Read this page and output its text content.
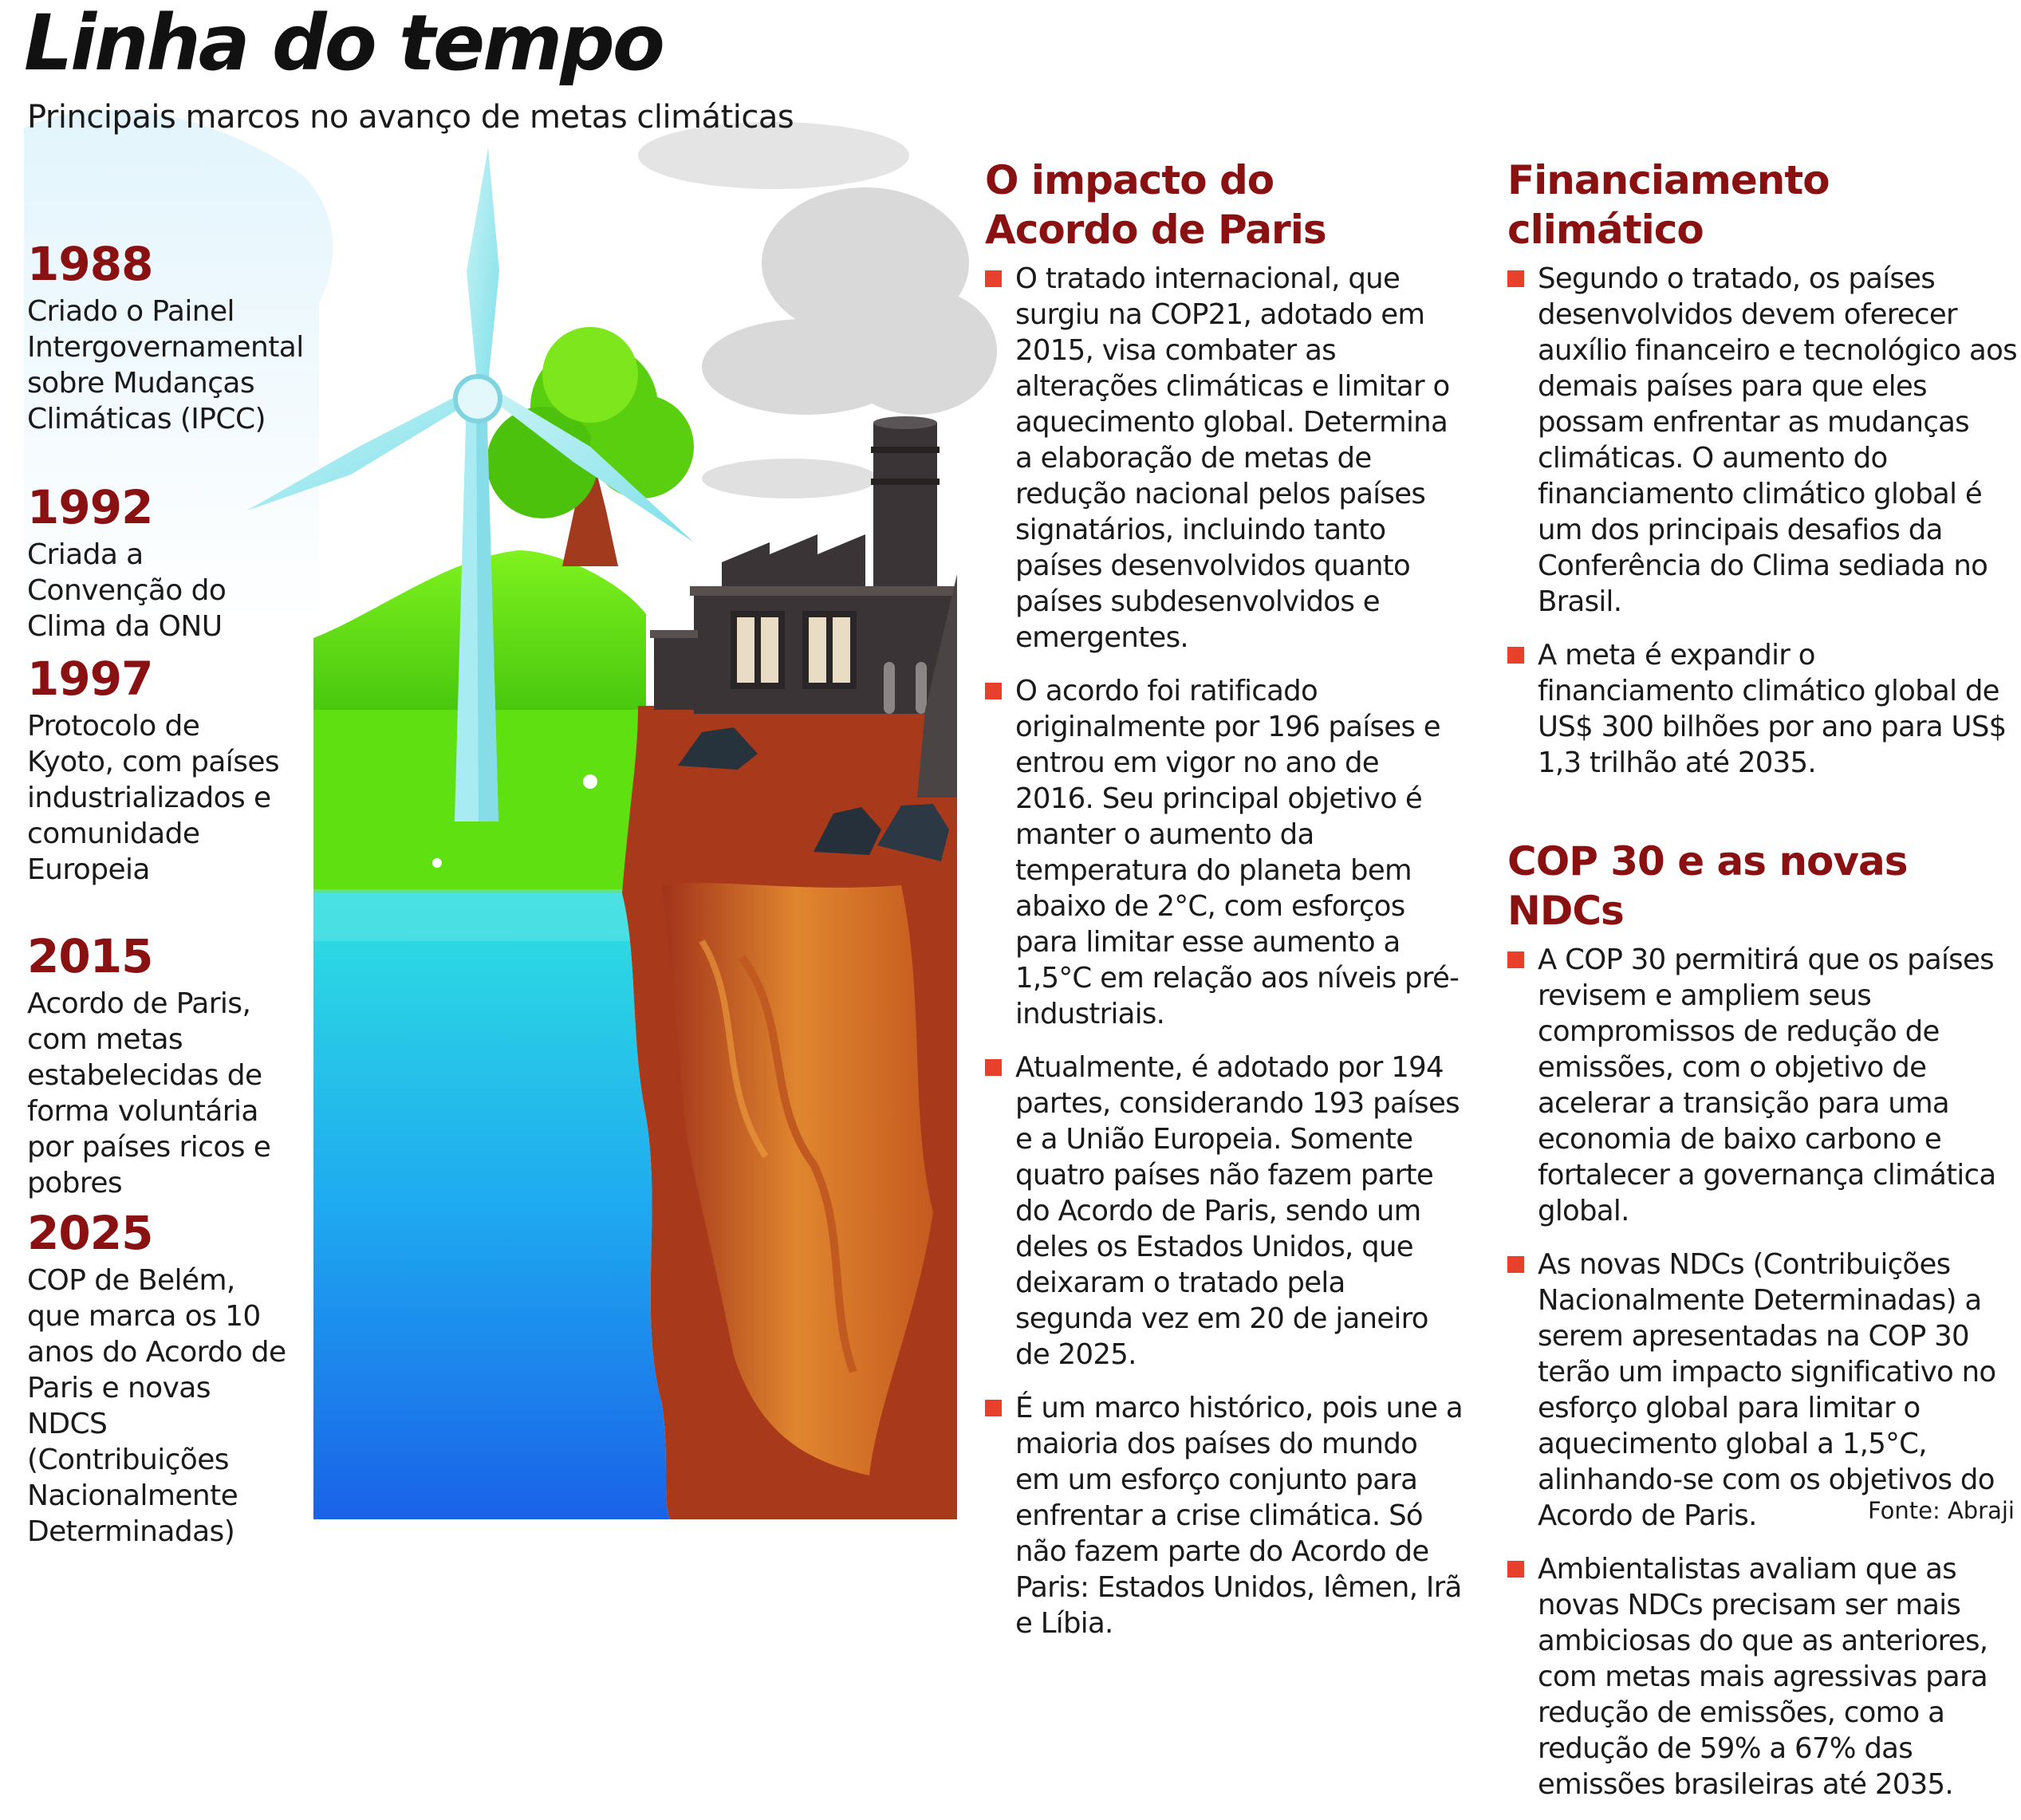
Linha do tempo
Principais marcos no avanço de metas climáticas
1988
Criado o Painel Intergovernamental sobre Mudanças Climáticas (IPCC)
1992
Criada a Convenção do Clima da ONU
1997
Protocolo de Kyoto, com países industrializados e comunidade Europeia
2015
Acordo de Paris, com metas estabelecidas de forma voluntária por países ricos e pobres
2025
COP de Belém, que marca os 10 anos do Acordo de Paris e novas NDCS (Contribuições Nacionalmente Determinadas)
O impacto do Acordo de Paris
O tratado internacional, que surgiu na COP21, adotado em 2015, visa combater as alterações climáticas e limitar o aquecimento global. Determina a elaboração de metas de redução nacional pelos países signatários, incluindo tanto países desenvolvidos quanto países subdesenvolvidos e emergentes.
O acordo foi ratificado originalmente por 196 países e entrou em vigor no ano de 2016. Seu principal objetivo é manter o aumento da temperatura do planeta bem abaixo de 2°C, com esforços para limitar esse aumento a 1,5°C em relação aos níveis pré-industriais.
Atualmente, é adotado por 194 partes, considerando 193 países e a União Europeia. Somente quatro países não fazem parte do Acordo de Paris, sendo um deles os Estados Unidos, que deixaram o tratado pela segunda vez em 20 de janeiro de 2025.
É um marco histórico, pois une a maioria dos países do mundo em um esforço conjunto para enfrentar a crise climática. Só não fazem parte do Acordo de Paris: Estados Unidos, Iêmen, Irã e Líbia.
Financiamento climático
Segundo o tratado, os países desenvolvidos devem oferecer auxílio financeiro e tecnológico aos demais países para que eles possam enfrentar as mudanças climáticas. O aumento do financiamento climático global é um dos principais desafios da Conferência do Clima sediada no Brasil.
A meta é expandir o financiamento climático global de US$ 300 bilhões por ano para US$ 1,3 trilhão até 2035.
COP 30 e as novas NDCs
A COP 30 permitirá que os países revisem e ampliem seus compromissos de redução de emissões, com o objetivo de acelerar a transição para uma economia de baixo carbono e fortalecer a governança climática global.
As novas NDCs (Contribuições Nacionalmente Determinadas) a serem apresentadas na COP 30 terão um impacto significativo no esforço global para limitar o aquecimento global a 1,5°C, alinhando-se com os objetivos do Acordo de Paris.
Ambientalistas avaliam que as novas NDCs precisam ser mais ambiciosas do que as anteriores, com metas mais agressivas para redução de emissões, como a redução de 59% a 67% das emissões brasileiras até 2035.
Fonte: Abraji
